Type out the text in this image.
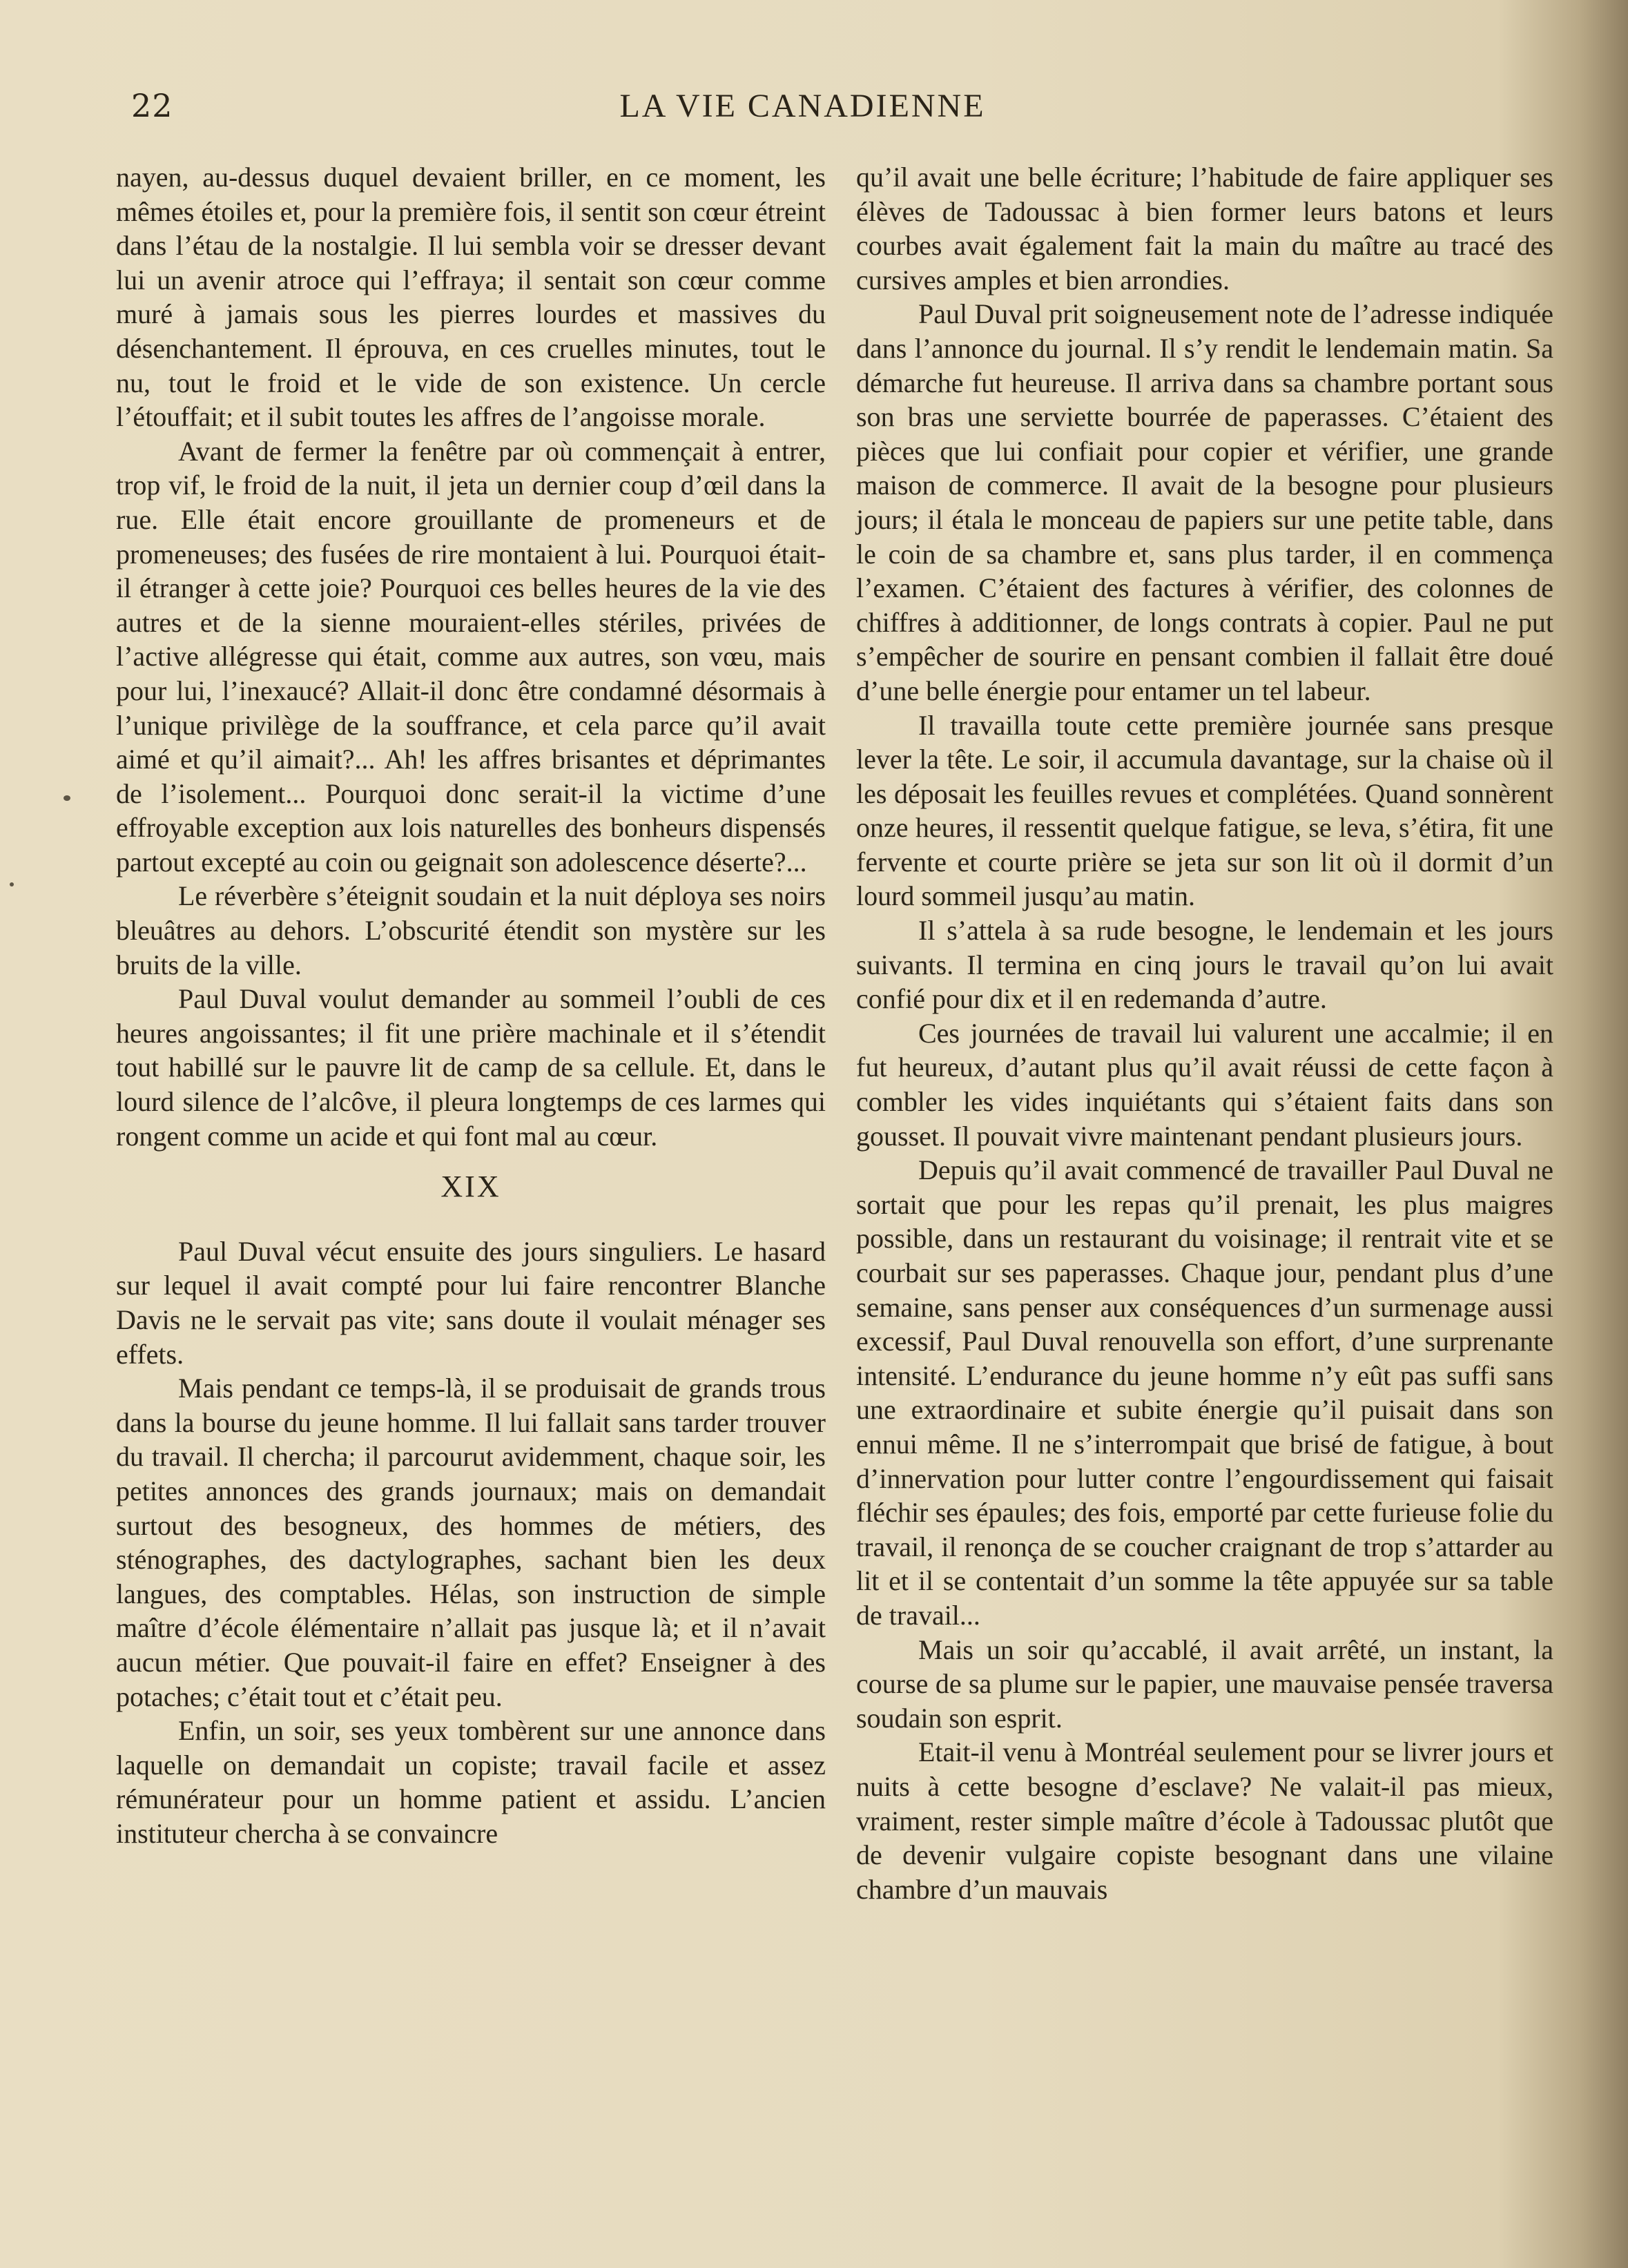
22	LA VIE CANADIENNE

nayen, au-dessus duquel devaient briller, en ce moment, les mêmes étoiles et, pour la première fois, il sentit son cœur étreint dans l’étau de la nostalgie. Il lui sembla voir se dresser devant lui un avenir atroce qui l’effraya; il sentait son cœur comme muré à jamais sous les pierres lourdes et massives du désenchantement. Il éprouva, en ces cruelles minutes, tout le nu, tout le froid et le vide de son existence. Un cercle l’étouffait; et il subit toutes les affres de l’angoisse morale.

Avant de fermer la fenêtre par où commençait à entrer, trop vif, le froid de la nuit, il jeta un dernier coup d’œil dans la rue. Elle était encore grouillante de promeneurs et de promeneuses; des fusées de rire montaient à lui. Pourquoi était-il étranger à cette joie? Pourquoi ces belles heures de la vie des autres et de la sienne mouraient-elles stériles, privées de l’active allégresse qui était, comme aux autres, son vœu, mais pour lui, l’inexaucé? Allait-il donc être condamné désormais à l’unique privilège de la souffrance, et cela parce qu’il avait aimé et qu’il aimait?... Ah! les affres brisantes et déprimantes de l’isolement... Pourquoi donc serait-il la victime d’une effroyable exception aux lois naturelles des bonheurs dispensés partout excepté au coin ou geignait son adolescence déserte?...

Le réverbère s’éteignit soudain et la nuit déploya ses noirs bleuâtres au dehors. L’obscurité étendit son mystère sur les bruits de la ville.

Paul Duval voulut demander au sommeil l’oubli de ces heures angoissantes; il fit une prière machinale et il s’étendit tout habillé sur le pauvre lit de camp de sa cellule. Et, dans le lourd silence de l’alcôve, il pleura longtemps de ces larmes qui rongent comme un acide et qui font mal au cœur.

XIX

Paul Duval vécut ensuite des jours singuliers. Le hasard sur lequel il avait compté pour lui faire rencontrer Blanche Davis ne le servait pas vite; sans doute il voulait ménager ses effets.

Mais pendant ce temps-là, il se produisait de grands trous dans la bourse du jeune homme. Il lui fallait sans tarder trouver du travail. Il chercha; il parcourut avidemment, chaque soir, les petites annonces des grands journaux; mais on demandait surtout des besogneux, des hommes de métiers, des sténographes, des dactylographes, sachant bien les deux langues, des comptables. Hélas, son instruction de simple maître d’école élémentaire n’allait pas jusque là; et il n’avait aucun métier. Que pouvait-il faire en effet? Enseigner à des potaches; c’était tout et c’était peu.

Enfin, un soir, ses yeux tombèrent sur une annonce dans laquelle on demandait un copiste; travail facile et assez rémunérateur pour un homme patient et assidu. L’ancien instituteur chercha à se convaincre

qu’il avait une belle écriture; l’habitude de faire appliquer ses élèves de Tadoussac à bien former leurs batons et leurs courbes avait également fait la main du maître au tracé des cursives amples et bien arrondies.

Paul Duval prit soigneusement note de l’adresse indiquée dans l’annonce du journal. Il s’y rendit le lendemain matin. Sa démarche fut heureuse. Il arriva dans sa chambre portant sous son bras une serviette bourrée de paperasses. C’étaient des pièces que lui confiait pour copier et vérifier, une grande maison de commerce. Il avait de la besogne pour plusieurs jours; il étala le monceau de papiers sur une petite table, dans le coin de sa chambre et, sans plus tarder, il en commença l’examen. C’étaient des factures à vérifier, des colonnes de chiffres à additionner, de longs contrats à copier. Paul ne put s’empêcher de sourire en pensant combien il fallait être doué d’une belle énergie pour entamer un tel labeur.

Il travailla toute cette première journée sans presque lever la tête. Le soir, il accumula davantage, sur la chaise où il les déposait les feuilles revues et complétées. Quand sonnèrent onze heures, il ressentit quelque fatigue, se leva, s’étira, fit une fervente et courte prière se jeta sur son lit où il dormit d’un lourd sommeil jusqu’au matin.

Il s’attela à sa rude besogne, le lendemain et les jours suivants. Il termina en cinq jours le travail qu’on lui avait confié pour dix et il en redemanda d’autre.

Ces journées de travail lui valurent une accalmie; il en fut heureux, d’autant plus qu’il avait réussi de cette façon à combler les vides inquiétants qui s’étaient faits dans son gousset. Il pouvait vivre maintenant pendant plusieurs jours.

Depuis qu’il avait commencé de travailler Paul Duval ne sortait que pour les repas qu’il prenait, les plus maigres possible, dans un restaurant du voisinage; il rentrait vite et se courbait sur ses paperasses. Chaque jour, pendant plus d’une semaine, sans penser aux conséquences d’un surmenage aussi excessif, Paul Duval renouvella son effort, d’une surprenante intensité. L’endurance du jeune homme n’y eût pas suffi sans une extraordinaire et subite énergie qu’il puisait dans son ennui même. Il ne s’interrompait que brisé de fatigue, à bout d’innervation pour lutter contre l’engourdissement qui faisait fléchir ses épaules; des fois, emporté par cette furieuse folie du travail, il renonça de se coucher craignant de trop s’attarder au lit et il se contentait d’un somme la tête appuyée sur sa table de travail...

Mais un soir qu’accablé, il avait arrêté, un instant, la course de sa plume sur le papier, une mauvaise pensée traversa soudain son esprit.

Etait-il venu à Montréal seulement pour se livrer jours et nuits à cette besogne d’esclave? Ne valait-il pas mieux, vraiment, rester simple maître d’école à Tadoussac plutôt que de devenir vulgaire copiste besognant dans une vilaine chambre d’un mauvais
